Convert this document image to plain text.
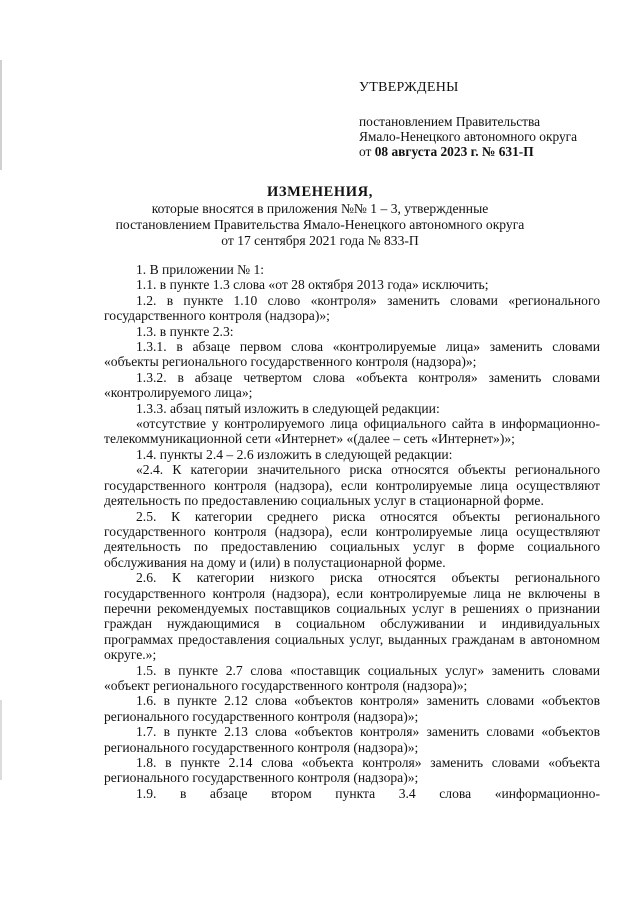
УТВЕРЖДЕНЫ
постановлением Правительства
Ямало-Ненецкого автономного округа
от 08 августа 2023 г. № 631-П
ИЗМЕНЕНИЯ,
которые вносятся в приложения №№ 1 – 3, утвержденные
постановлением Правительства Ямало-Ненецкого автономного округа
от 17 сентября 2021 года № 833-П

1. В приложении № 1:

1.1. в пункте 1.3 слова «от 28 октября 2013 года» исключить;

1.2. в пункте 1.10 слово «контроля» заменить словами «регионального государственного контроля (надзора)»;

1.3. в пункте 2.3:

1.3.1. в абзаце первом слова «контролируемые лица» заменить словами «объекты регионального государственного контроля (надзора)»;

1.3.2. в абзаце четвертом слова «объекта контроля» заменить словами «контролируемого лица»;

1.3.3. абзац пятый изложить в следующей редакции:

«отсутствие у контролируемого лица официального сайта в информационно-телекоммуникационной сети «Интернет» «(далее – сеть «Интернет»)»;

1.4. пункты 2.4 – 2.6 изложить в следующей редакции:

«2.4. К категории значительного риска относятся объекты регионального государственного контроля (надзора), если контролируемые лица осуществляют деятельность по предоставлению социальных услуг в стационарной форме.

2.5. К категории среднего риска относятся объекты регионального государственного контроля (надзора), если контролируемые лица осуществляют деятельность по предоставлению социальных услуг в форме социального обслуживания на дому и (или) в полустационарной форме.

2.6. К категории низкого риска относятся объекты регионального государственного контроля (надзора), если контролируемые лица не включены в перечни рекомендуемых поставщиков социальных услуг в решениях о признании граждан нуждающимися в социальном обслуживании и индивидуальных программах предоставления социальных услуг, выданных гражданам в автономном округе.»;

1.5. в пункте 2.7 слова «поставщик социальных услуг» заменить словами «объект регионального государственного контроля (надзора)»;

1.6. в пункте 2.12 слова «объектов контроля» заменить словами «объектов регионального государственного контроля (надзора)»;

1.7. в пункте 2.13 слова «объектов контроля» заменить словами «объектов регионального государственного контроля (надзора)»;

1.8. в пункте 2.14 слова «объекта контроля» заменить словами «объекта регионального государственного контроля (надзора)»;

1.9. в абзаце втором пункта 3.4 слова «информационно-
